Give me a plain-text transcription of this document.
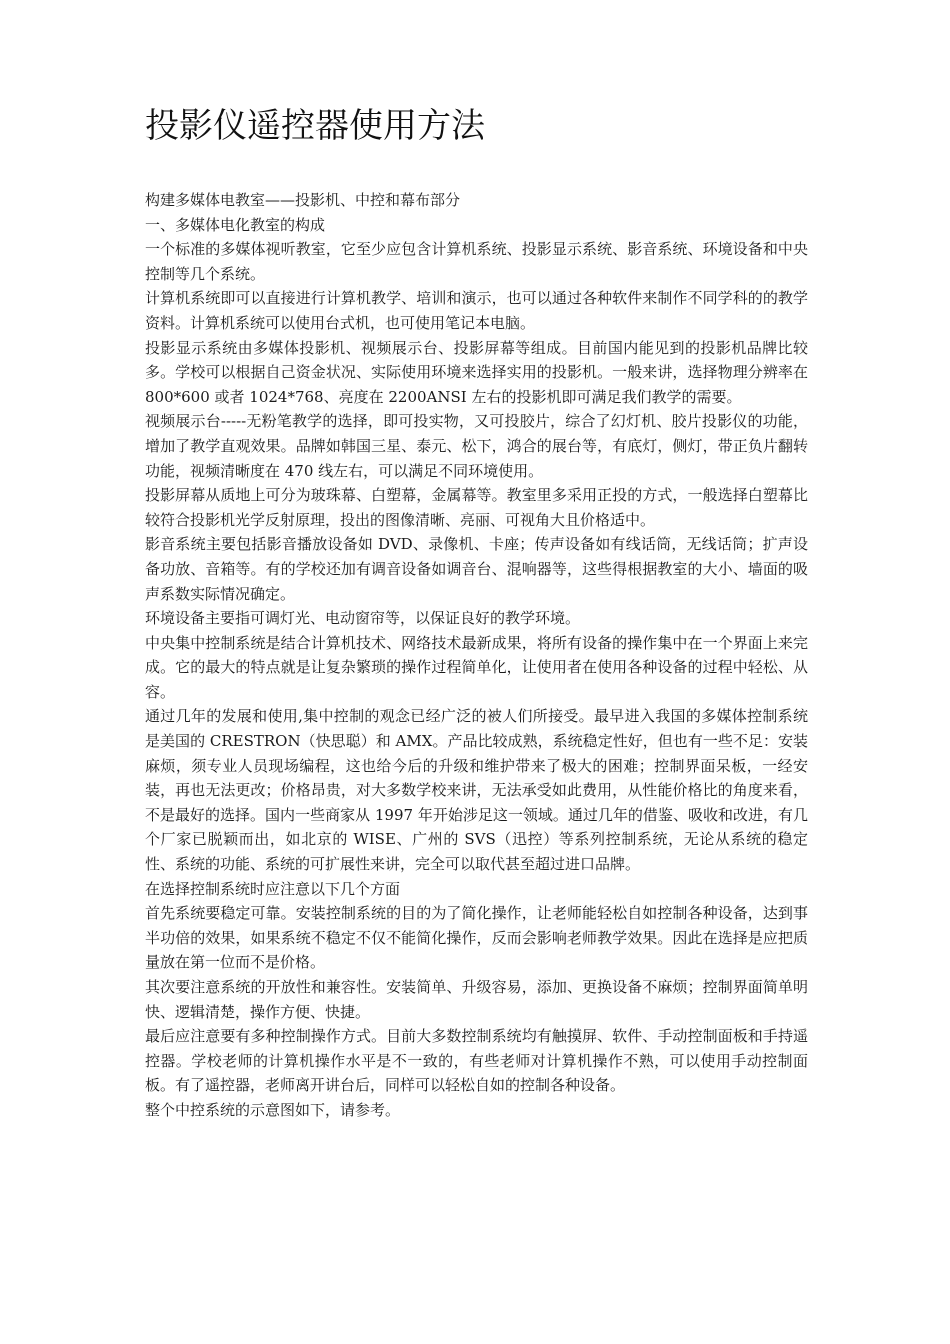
投影仪遥控器使用方法

构建多媒体电教室——投影机、中控和幕布部分

一、多媒体电化教室的构成

一个标准的多媒体视听教室，它至少应包含计算机系统、投影显示系统、影音系统、环境设备和中央控制等几个系统。

计算机系统即可以直接进行计算机教学、培训和演示，也可以通过各种软件来制作不同学科的的教学资料。计算机系统可以使用台式机，也可使用笔记本电脑。

投影显示系统由多媒体投影机、视频展示台、投影屏幕等组成。目前国内能见到的投影机品牌比较多。学校可以根据自己资金状况、实际使用环境来选择实用的投影机。一般来讲，选择物理分辨率在 800*600 或者 1024*768、亮度在 2200ANSI 左右的投影机即可满足我们教学的需要。

视频展示台-----无粉笔教学的选择，即可投实物，又可投胶片，综合了幻灯机、胶片投影仪的功能，增加了教学直观效果。品牌如韩国三星、泰元、松下，鸿合的展台等，有底灯，侧灯，带正负片翻转功能，视频清晰度在 470 线左右，可以满足不同环境使用。

投影屏幕从质地上可分为玻珠幕、白塑幕，金属幕等。教室里多采用正投的方式，一般选择白塑幕比较符合投影机光学反射原理，投出的图像清晰、亮丽、可视角大且价格适中。

影音系统主要包括影音播放设备如 DVD、录像机、卡座；传声设备如有线话筒，无线话筒；扩声设备功放、音箱等。有的学校还加有调音设备如调音台、混响器等，这些得根据教室的大小、墙面的吸声系数实际情况确定。

环境设备主要指可调灯光、电动窗帘等，以保证良好的教学环境。

中央集中控制系统是结合计算机技术、网络技术最新成果，将所有设备的操作集中在一个界面上来完成。它的最大的特点就是让复杂繁琐的操作过程简单化，让使用者在使用各种设备的过程中轻松、从容。

通过几年的发展和使用,集中控制的观念已经广泛的被人们所接受。最早进入我国的多媒体控制系统是美国的 CRESTRON（快思聪）和 AMX。产品比较成熟，系统稳定性好，但也有一些不足：安装麻烦，须专业人员现场编程，这也给今后的升级和维护带来了极大的困难；控制界面呆板，一经安装，再也无法更改；价格昂贵，对大多数学校来讲，无法承受如此费用，从性能价格比的角度来看，不是最好的选择。国内一些商家从 1997 年开始涉足这一领域。通过几年的借鉴、吸收和改进，有几个厂家已脱颖而出，如北京的 WISE、广州的 SVS（迅控）等系列控制系统，无论从系统的稳定性、系统的功能、系统的可扩展性来讲，完全可以取代甚至超过进口品牌。

在选择控制系统时应注意以下几个方面

首先系统要稳定可靠。安装控制系统的目的为了简化操作，让老师能轻松自如控制各种设备，达到事半功倍的效果，如果系统不稳定不仅不能简化操作，反而会影响老师教学效果。因此在选择是应把质量放在第一位而不是价格。

其次要注意系统的开放性和兼容性。安装简单、升级容易，添加、更换设备不麻烦；控制界面简单明快、逻辑清楚，操作方便、快捷。

最后应注意要有多种控制操作方式。目前大多数控制系统均有触摸屏、软件、手动控制面板和手持遥控器。学校老师的计算机操作水平是不一致的，有些老师对计算机操作不熟，可以使用手动控制面板。有了遥控器，老师离开讲台后，同样可以轻松自如的控制各种设备。

整个中控系统的示意图如下，请参考。
